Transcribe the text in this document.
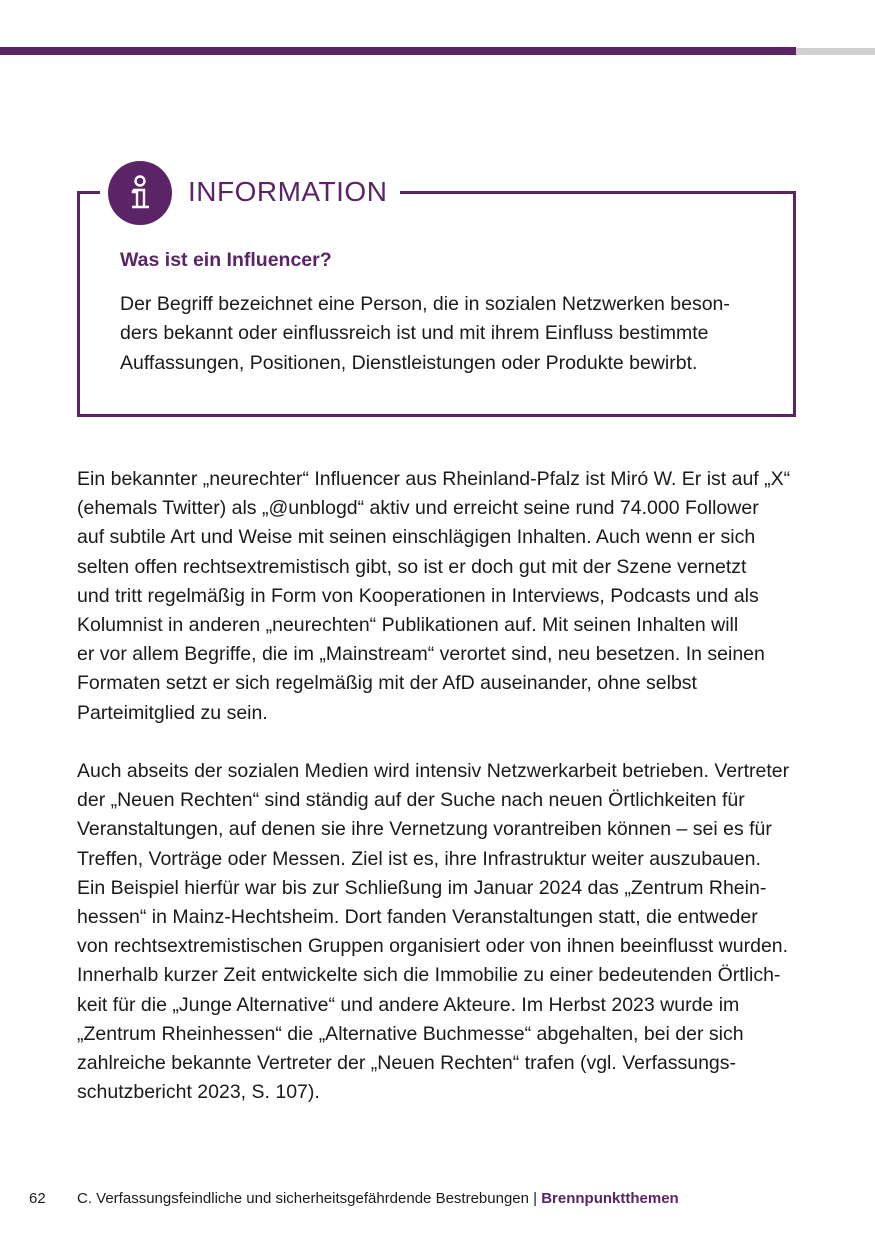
INFORMATION
Was ist ein Influencer?

Der Begriff bezeichnet eine Person, die in sozialen Netzwerken beson-
ders bekannt oder einflussreich ist und mit ihrem Einfluss bestimmte
Auffassungen, Positionen, Dienstleistungen oder Produkte bewirbt.

Ein bekannter „neurechter“ Influencer aus Rheinland-Pfalz ist Miró W. Er ist auf „X“
(ehemals Twitter) als „@unblogd“ aktiv und erreicht seine rund 74.000 Follower
auf subtile Art und Weise mit seinen einschlägigen Inhalten. Auch wenn er sich
selten offen rechtsextremistisch gibt, so ist er doch gut mit der Szene vernetzt
und tritt regelmäßig in Form von Kooperationen in Interviews, Podcasts und als
Kolumnist in anderen „neurechten“ Publikationen auf. Mit seinen Inhalten will
er vor allem Begriffe, die im „Mainstream“ verortet sind, neu besetzen. In seinen
Formaten setzt er sich regelmäßig mit der AfD auseinander, ohne selbst
Parteimitglied zu sein.

Auch abseits der sozialen Medien wird intensiv Netzwerkarbeit betrieben. Vertreter
der „Neuen Rechten“ sind ständig auf der Suche nach neuen Örtlichkeiten für
Veranstaltungen, auf denen sie ihre Vernetzung vorantreiben können – sei es für
Treffen, Vorträge oder Messen. Ziel ist es, ihre Infrastruktur weiter auszubauen.
Ein Beispiel hierfür war bis zur Schließung im Januar 2024 das „Zentrum Rhein-
hessen“ in Mainz-Hechtsheim. Dort fanden Veranstaltungen statt, die entweder
von rechtsextremistischen Gruppen organisiert oder von ihnen beeinflusst wurden.
Innerhalb kurzer Zeit entwickelte sich die Immobilie zu einer bedeutenden Örtlich-
keit für die „Junge Alternative“ und andere Akteure. Im Herbst 2023 wurde im
„Zentrum Rheinhessen“ die „Alternative Buchmesse“ abgehalten, bei der sich
zahlreiche bekannte Vertreter der „Neuen Rechten“ trafen (vgl. Verfassungs-
schutzbericht 2023, S. 107).

62 C. Verfassungsfeindliche und sicherheitsgefährdende Bestrebungen | Brennpunktthemen
